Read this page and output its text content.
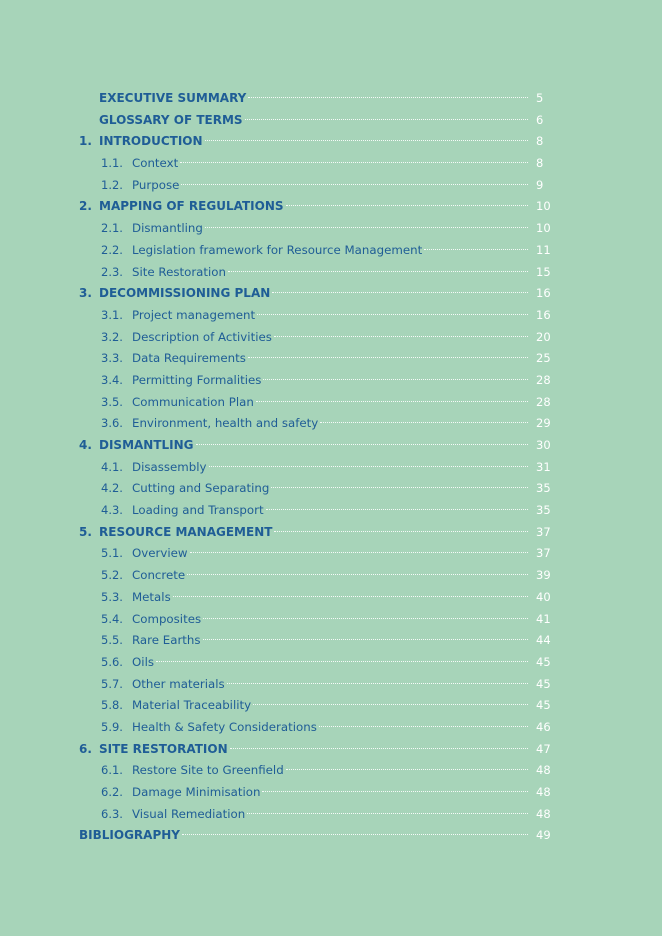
EXECUTIVE SUMMARY	5
GLOSSARY OF TERMS	6
1. INTRODUCTION	8
1.1. Context	8
1.2. Purpose	9
2. MAPPING OF REGULATIONS	10
2.1. Dismantling	10
2.2. Legislation framework for Resource Management	11
2.3. Site Restoration	15
3. DECOMMISSIONING PLAN	16
3.1. Project management	16
3.2. Description of Activities	20
3.3. Data Requirements	25
3.4. Permitting Formalities	28
3.5. Communication Plan	28
3.6. Environment, health and safety	29
4. DISMANTLING	30
4.1. Disassembly	31
4.2. Cutting and Separating	35
4.3. Loading and Transport	35
5. RESOURCE MANAGEMENT	37
5.1. Overview	37
5.2. Concrete	39
5.3. Metals	40
5.4. Composites	41
5.5. Rare Earths	44
5.6. Oils	45
5.7. Other materials	45
5.8. Material Traceability	45
5.9. Health & Safety Considerations	46
6. SITE RESTORATION	47
6.1. Restore Site to Greenfield	48
6.2. Damage Minimisation	48
6.3. Visual Remediation	48
BIBLIOGRAPHY	49
